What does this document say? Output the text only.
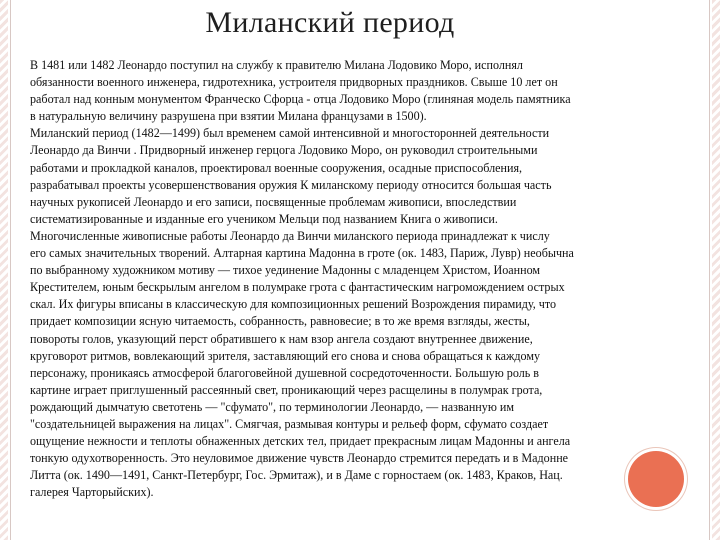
Миланский период
В 1481 или 1482 Леонардо поступил на службу к правителю Милана Лодовико Моро, исполнял
обязанности военного инженера, гидротехника, устроителя придворных праздников. Свыше 10 лет он
работал над конным монументом Франческо Сфорца - отца Лодовико Моро (глиняная модель памятника
в натуральную величину разрушена при взятии Милана французами в 1500).
Миланский период (1482—1499) был временем самой интенсивной и многосторонней деятельности
Леонардо да Винчи . Придворный инженер герцога Лодовико Моро, он руководил строительными
работами и прокладкой каналов, проектировал военные сооружения, осадные приспособления,
разрабатывал проекты усовершенствования оружия К миланскому периоду относится большая часть
научных рукописей Леонардо и его записи, посвященные проблемам живописи, впоследствии
систематизированные и изданные его учеником Мельци под названием Книга о живописи.
Многочисленные живописные работы Леонардо да Винчи миланского периода принадлежат к числу
его самых значительных творений. Алтарная картина Мадонна в гроте (ок. 1483, Париж, Лувр) необычна
по выбранному художником мотиву — тихое уединение Мадонны с младенцем Христом, Иоанном
Крестителем, юным бескрылым ангелом в полумраке грота с фантастическим нагромождением острых
скал. Их фигуры вписаны в классическую для композиционных решений Возрождения пирамиду, что
придает композиции ясную читаемость, собранность, равновесие; в то же время взгляды, жесты,
повороты голов, указующий перст обратившего к нам взор ангела создают внутреннее движение,
круговорот ритмов, вовлекающий зрителя, заставляющий его снова и снова обращаться к каждому
персонажу, проникаясь атмосферой благоговейной душевной сосредоточенности. Большую роль в
картине играет приглушенный рассеянный свет, проникающий через расщелины в полумрак грота,
рождающий дымчатую светотень — "сфумато", по терминологии Леонардо, — названную им
"создательницей выражения на лицах". Смягчая, размывая контуры и рельеф форм, сфумато создает
ощущение нежности и теплоты обнаженных детских тел, придает прекрасным лицам Мадонны и ангела
тонкую одухотворенность. Это неуловимое движение чувств Леонардо стремится передать и в Мадонне
Литта (ок. 1490—1491, Санкт-Петербург, Гос. Эрмитаж), и в Даме с горностаем (ок. 1483, Краков, Нац.
галерея Чарторыйских).
